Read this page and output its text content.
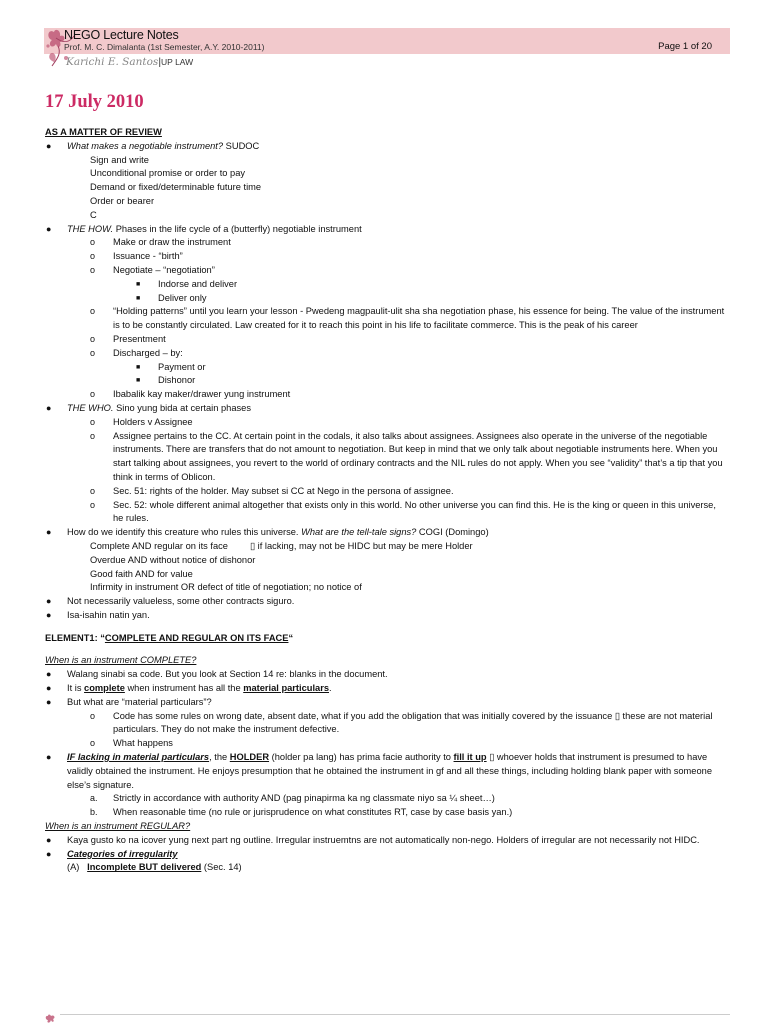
NEGO Lecture Notes
Prof. M. C. Dimalanta (1st Semester, A.Y. 2010-2011)
Karichi E. Santos|UP LAW
Page 1 of 20
17 July 2010
AS A MATTER OF REVIEW
● What makes a negotiable instrument? SUDOC
Sign and write
Unconditional promise or order to pay
Demand or fixed/determinable future time
Order or bearer
C
● THE HOW. Phases in the life cycle of a (butterfly) negotiable instrument
o Make or draw the instrument
o Issuance - “birth”
o Negotiate – “negotiation”
■ Indorse and deliver
■ Deliver only
o “Holding patterns” until you learn your lesson - Pwedeng magpaulit-ulit sha sha negotiation phase, his essence for being. The value of the instrument is to be constantly circulated. Law created for it to reach this point in his life to facilitate commerce. This is the peak of his career
o Presentment
o Discharged – by:
■ Payment or
■ Dishonor
o Ibabalik kay maker/drawer yung instrument
● THE WHO. Sino yung bida at certain phases
o Holders v Assignee
o Assignee pertains to the CC. At certain point in the codals, it also talks about assignees. Assignees also operate in the universe of the negotiable instruments. There are transfers that do not amount to negotiation. But keep in mind that we only talk about negotiable instruments here. When you start talking about assignees, you revert to the world of ordinary contracts and the NIL rules do not apply. When you see “validity” that’s a tip that you think in terms of Oblicon.
o Sec. 51: rights of the holder. May subset si CC at Nego in the persona of assignee.
o Sec. 52: whole different animal altogether that exists only in this world. No other universe you can find this. He is the king or queen in this universe, he rules.
● How do we identify this creature who rules this universe. What are the tell-tale signs? COGI (Domingo)
Complete AND regular on its face ▯ if lacking, may not be HIDC but may be mere Holder
Overdue AND without notice of dishonor
Good faith AND for value
Infirmity in instrument OR defect of title of negotiation; no notice of
● Not necessarily valueless, some other contracts siguro.
● Isa-isahin natin yan.
ELEMENT1: “COMPLETE AND REGULAR ON ITS FACE“
When is an instrument COMPLETE?
● Walang sinabi sa code. But you look at Section 14 re: blanks in the document.
● It is complete when instrument has all the material particulars.
● But what are “material particulars”?
o Code has some rules on wrong date, absent date, what if you add the obligation that was initially covered by the issuance ▯ these are not material particulars. They do not make the instrument defective.
o What happens
● IF lacking in material particulars, the HOLDER (holder pa lang) has prima facie authority to fill it up ▯ whoever holds that instrument is presumed to have validly obtained the instrument. He enjoys presumption that he obtained the instrument in gf and all these things, including holding blank paper with someone else’s signature.
a. Strictly in accordance with authority AND (pag pinapirma ka ng classmate niyo sa ¼ sheet…)
b. When reasonable time (no rule or jurisprudence on what constitutes RT, case by case basis yan.)
When is an instrument REGULAR?
● Kaya gusto ko na icover yung next part ng outline. Irregular instruemtns are not automatically non-nego. Holders of irregular are not necessarily not HIDC.
● Categories of irregularity
(A) Incomplete BUT delivered (Sec. 14)
